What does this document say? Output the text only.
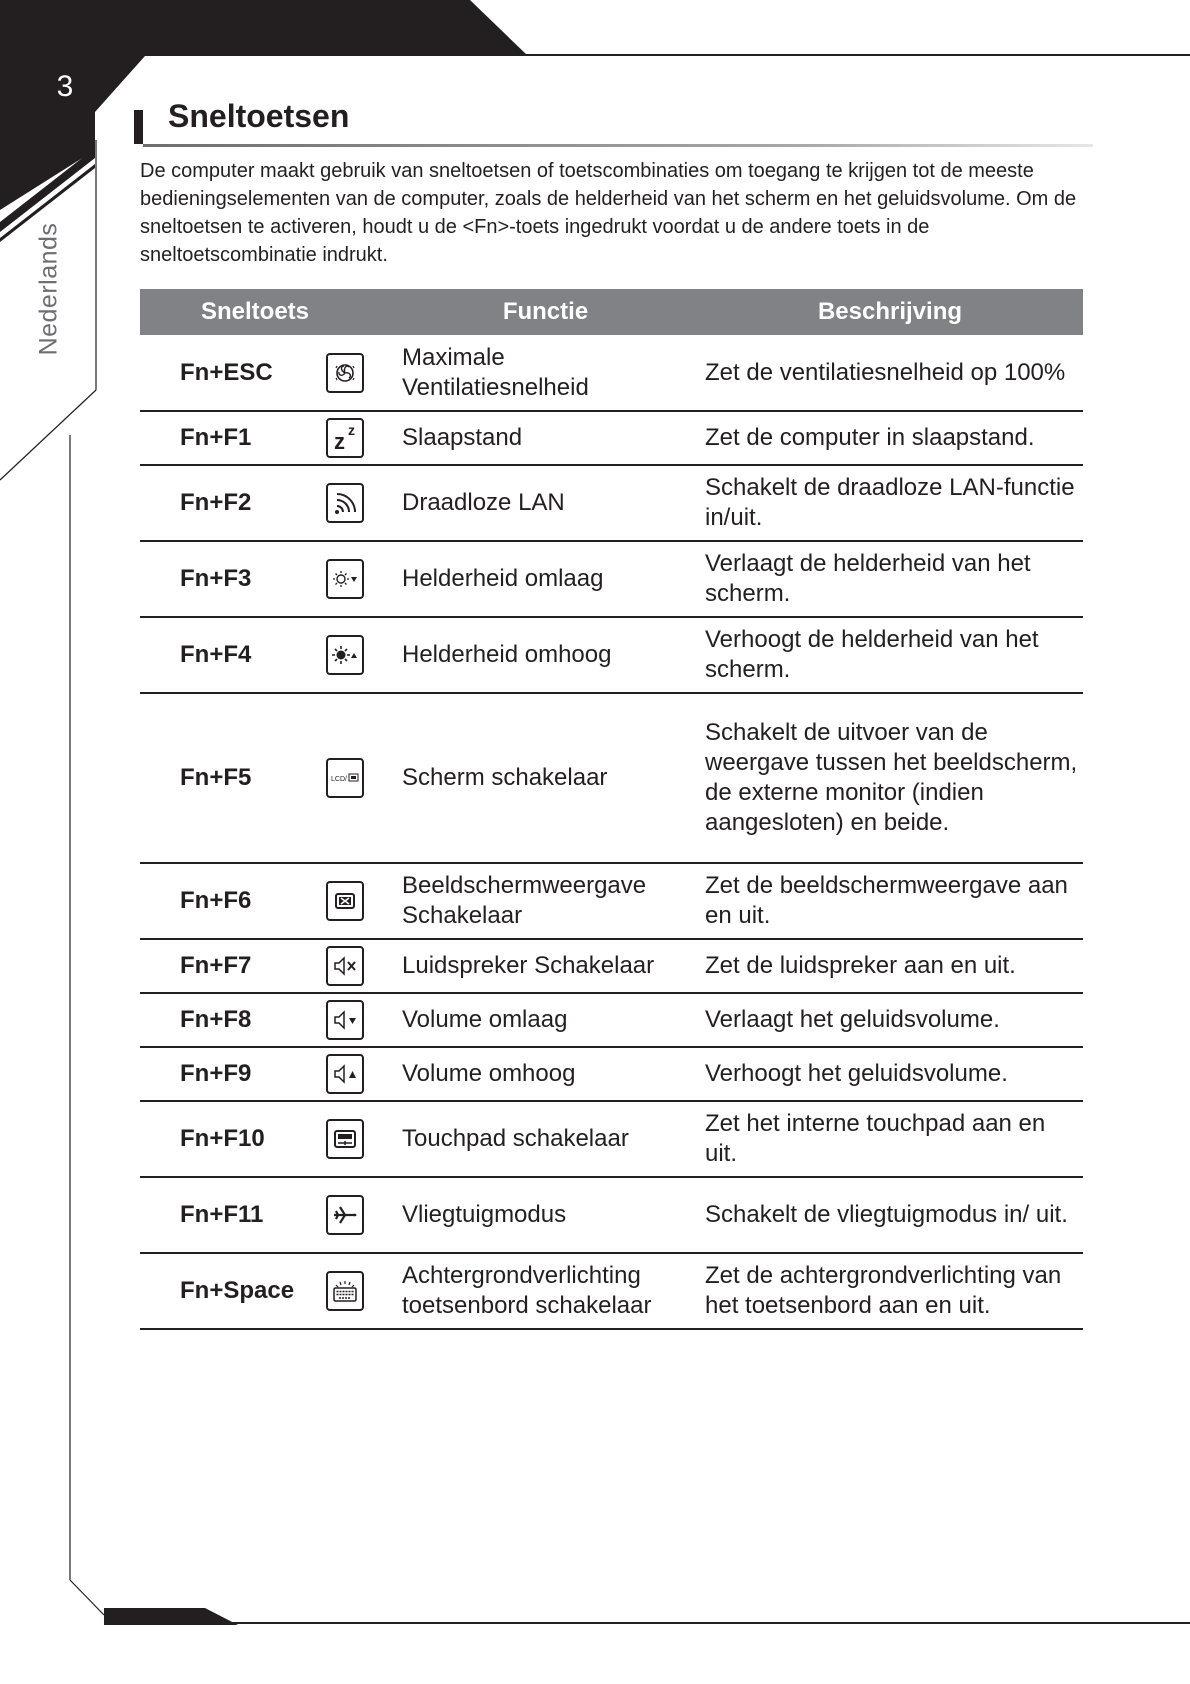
3
Nederlands
Sneltoetsen

De computer maakt gebruik van sneltoetsen of toetscombinaties om toegang te krijgen tot de meeste bedieningselementen van de computer, zoals de helderheid van het scherm en het geluidsvolume. Om de sneltoetsen te activeren, houdt u de <Fn>-toets ingedrukt voordat u de andere toets in de sneltoetscombinatie indrukt.

Sneltoets		Functie	Beschrijving
Fn+ESC		Maximale Ventilatiesnelheid	Zet de ventilatiesnelheid op 100%
Fn+F1	z z	Slaapstand	Zet de computer in slaapstand.
Fn+F2		Draadloze LAN	Schakelt de draadloze LAN-functie in/uit.
Fn+F3		Helderheid omlaag	Verlaagt de helderheid van het scherm.
Fn+F4		Helderheid omhoog	Verhoogt de helderheid van het scherm.
Fn+F5	LCD/	Scherm schakelaar	Schakelt de uitvoer van de weergave tussen het beeldscherm, de externe monitor (indien aangesloten) en beide.
Fn+F6		Beeldschermweergave Schakelaar	Zet de beeldschermweergave aan en uit.
Fn+F7		Luidspreker Schakelaar	Zet de luidspreker aan en uit.
Fn+F8		Volume omlaag	Verlaagt het geluidsvolume.
Fn+F9		Volume omhoog	Verhoogt het geluidsvolume.
Fn+F10		Touchpad schakelaar	Zet het interne touchpad aan en uit.
Fn+F11		Vliegtuigmodus	Schakelt de vliegtuigmodus in/ uit.
Fn+Space		Achtergrondverlichting toetsenbord schakelaar	Zet de achtergrondverlichting van het toetsenbord aan en uit.
